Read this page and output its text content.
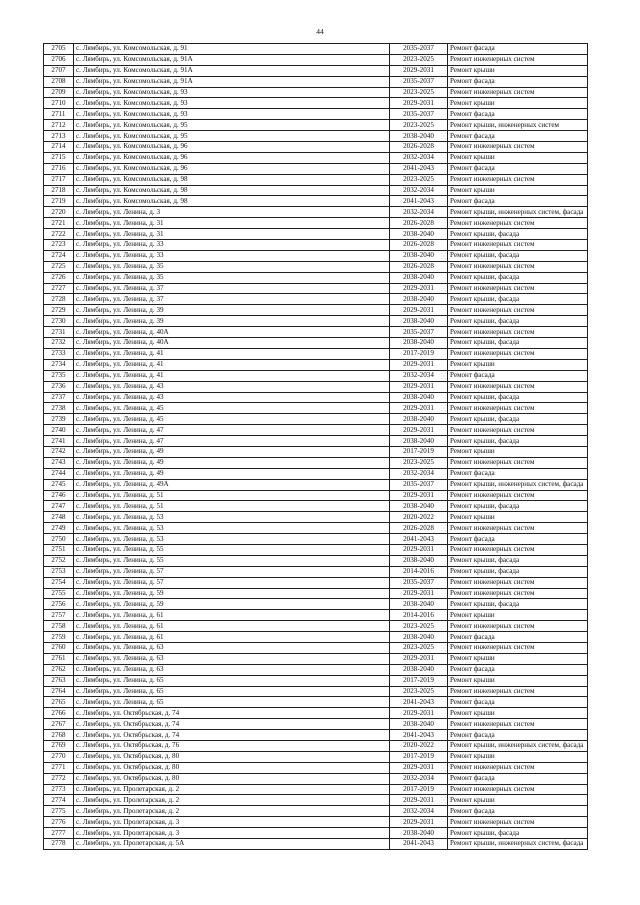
44
2705	с. Лямбирь, ул. Комсомольская, д. 91	2035-2037	Ремонт фасада
2706	с. Лямбирь, ул. Комсомольская, д. 91А	2023-2025	Ремонт инженерных систем
2707	с. Лямбирь, ул. Комсомольская, д. 91А	2029-2031	Ремонт крыши
2708	с. Лямбирь, ул. Комсомольская, д. 91А	2035-2037	Ремонт фасада
2709	с. Лямбирь, ул. Комсомольская, д. 93	2023-2025	Ремонт инженерных систем
2710	с. Лямбирь, ул. Комсомольская, д. 93	2029-2031	Ремонт крыши
2711	с. Лямбирь, ул. Комсомольская, д. 93	2035-2037	Ремонт фасада
2712	с. Лямбирь, ул. Комсомольская, д. 95	2023-2025	Ремонт крыши, инженерных систем
2713	с. Лямбирь, ул. Комсомольская, д. 95	2038-2040	Ремонт фасада
2714	с. Лямбирь, ул. Комсомольская, д. 96	2026-2028	Ремонт инженерных систем
2715	с. Лямбирь, ул. Комсомольская, д. 96	2032-2034	Ремонт крыши
2716	с. Лямбирь, ул. Комсомольская, д. 96	2041-2043	Ремонт фасада
2717	с. Лямбирь, ул. Комсомольская, д. 98	2023-2025	Ремонт инженерных систем
2718	с. Лямбирь, ул. Комсомольская, д. 98	2032-2034	Ремонт крыши
2719	с. Лямбирь, ул. Комсомольская, д. 98	2041-2043	Ремонт фасада
2720	с. Лямбирь, ул. Ленина, д. 3	2032-2034	Ремонт крыши, инженерных систем, фасада
2721	с. Лямбирь, ул. Ленина, д. 31	2026-2028	Ремонт инженерных систем
2722	с. Лямбирь, ул. Ленина, д. 31	2038-2040	Ремонт крыши, фасада
2723	с. Лямбирь, ул. Ленина, д. 33	2026-2028	Ремонт инженерных систем
2724	с. Лямбирь, ул. Ленина, д. 33	2038-2040	Ремонт крыши, фасада
2725	с. Лямбирь, ул. Ленина, д. 35	2026-2028	Ремонт инженерных систем
2726	с. Лямбирь, ул. Ленина, д. 35	2038-2040	Ремонт крыши, фасада
2727	с. Лямбирь, ул. Ленина, д. 37	2029-2031	Ремонт инженерных систем
2728	с. Лямбирь, ул. Ленина, д. 37	2038-2040	Ремонт крыши, фасада
2729	с. Лямбирь, ул. Ленина, д. 39	2029-2031	Ремонт инженерных систем
2730	с. Лямбирь, ул. Ленина, д. 39	2038-2040	Ремонт крыши, фасада
2731	с. Лямбирь, ул. Ленина, д. 40А	2035-2037	Ремонт инженерных систем
2732	с. Лямбирь, ул. Ленина, д. 40А	2038-2040	Ремонт крыши, фасада
2733	с. Лямбирь, ул. Ленина, д. 41	2017-2019	Ремонт инженерных систем
2734	с. Лямбирь, ул. Ленина, д. 41	2029-2031	Ремонт крыши
2735	с. Лямбирь, ул. Ленина, д. 41	2032-2034	Ремонт фасада
2736	с. Лямбирь, ул. Ленина, д. 43	2029-2031	Ремонт инженерных систем
2737	с. Лямбирь, ул. Ленина, д. 43	2038-2040	Ремонт крыши, фасада
2738	с. Лямбирь, ул. Ленина, д. 45	2029-2031	Ремонт инженерных систем
2739	с. Лямбирь, ул. Ленина, д. 45	2038-2040	Ремонт крыши, фасада
2740	с. Лямбирь, ул. Ленина, д. 47	2029-2031	Ремонт инженерных систем
2741	с. Лямбирь, ул. Ленина, д. 47	2038-2040	Ремонт крыши, фасада
2742	с. Лямбирь, ул. Ленина, д. 49	2017-2019	Ремонт крыши
2743	с. Лямбирь, ул. Ленина, д. 49	2023-2025	Ремонт инженерных систем
2744	с. Лямбирь, ул. Ленина, д. 49	2032-2034	Ремонт фасада
2745	с. Лямбирь, ул. Ленина, д. 49А	2035-2037	Ремонт крыши, инженерных систем, фасада
2746	с. Лямбирь, ул. Ленина, д. 51	2029-2031	Ремонт инженерных систем
2747	с. Лямбирь, ул. Ленина, д. 51	2038-2040	Ремонт крыши, фасада
2748	с. Лямбирь, ул. Ленина, д. 53	2020-2022	Ремонт крыши
2749	с. Лямбирь, ул. Ленина, д. 53	2026-2028	Ремонт инженерных систем
2750	с. Лямбирь, ул. Ленина, д. 53	2041-2043	Ремонт фасада
2751	с. Лямбирь, ул. Ленина, д. 55	2029-2031	Ремонт инженерных систем
2752	с. Лямбирь, ул. Ленина, д. 55	2038-2040	Ремонт крыши, фасада
2753	с. Лямбирь, ул. Ленина, д. 57	2014-2016	Ремонт крыши, фасада
2754	с. Лямбирь, ул. Ленина, д. 57	2035-2037	Ремонт инженерных систем
2755	с. Лямбирь, ул. Ленина, д. 59	2029-2031	Ремонт инженерных систем
2756	с. Лямбирь, ул. Ленина, д. 59	2038-2040	Ремонт крыши, фасада
2757	с. Лямбирь, ул. Ленина, д. 61	2014-2016	Ремонт крыши
2758	с. Лямбирь, ул. Ленина, д. 61	2023-2025	Ремонт инженерных систем
2759	с. Лямбирь, ул. Ленина, д. 61	2038-2040	Ремонт фасада
2760	с. Лямбирь, ул. Ленина, д. 63	2023-2025	Ремонт инженерных систем
2761	с. Лямбирь, ул. Ленина, д. 63	2029-2031	Ремонт крыши
2762	с. Лямбирь, ул. Ленина, д. 63	2038-2040	Ремонт фасада
2763	с. Лямбирь, ул. Ленина, д. 65	2017-2019	Ремонт крыши
2764	с. Лямбирь, ул. Ленина, д. 65	2023-2025	Ремонт инженерных систем
2765	с. Лямбирь, ул. Ленина, д. 65	2041-2043	Ремонт фасада
2766	с. Лямбирь, ул. Октябрьская, д. 74	2029-2031	Ремонт крыши
2767	с. Лямбирь, ул. Октябрьская, д. 74	2038-2040	Ремонт инженерных систем
2768	с. Лямбирь, ул. Октябрьская, д. 74	2041-2043	Ремонт фасада
2769	с. Лямбирь, ул. Октябрьская, д. 76	2020-2022	Ремонт крыши, инженерных систем, фасада
2770	с. Лямбирь, ул. Октябрьская, д. 80	2017-2019	Ремонт крыши
2771	с. Лямбирь, ул. Октябрьская, д. 80	2029-2031	Ремонт инженерных систем
2772	с. Лямбирь, ул. Октябрьская, д. 80	2032-2034	Ремонт фасада
2773	с. Лямбирь, ул. Пролетарская, д. 2	2017-2019	Ремонт инженерных систем
2774	с. Лямбирь, ул. Пролетарская, д. 2	2029-2031	Ремонт крыши
2775	с. Лямбирь, ул. Пролетарская, д. 2	2032-2034	Ремонт фасада
2776	с. Лямбирь, ул. Пролетарская, д. 3	2029-2031	Ремонт инженерных систем
2777	с. Лямбирь, ул. Пролетарская, д. 3	2038-2040	Ремонт крыши, фасада
2778	с. Лямбирь, ул. Пролетарская, д. 5А	2041-2043	Ремонт крыши, инженерных систем, фасада
